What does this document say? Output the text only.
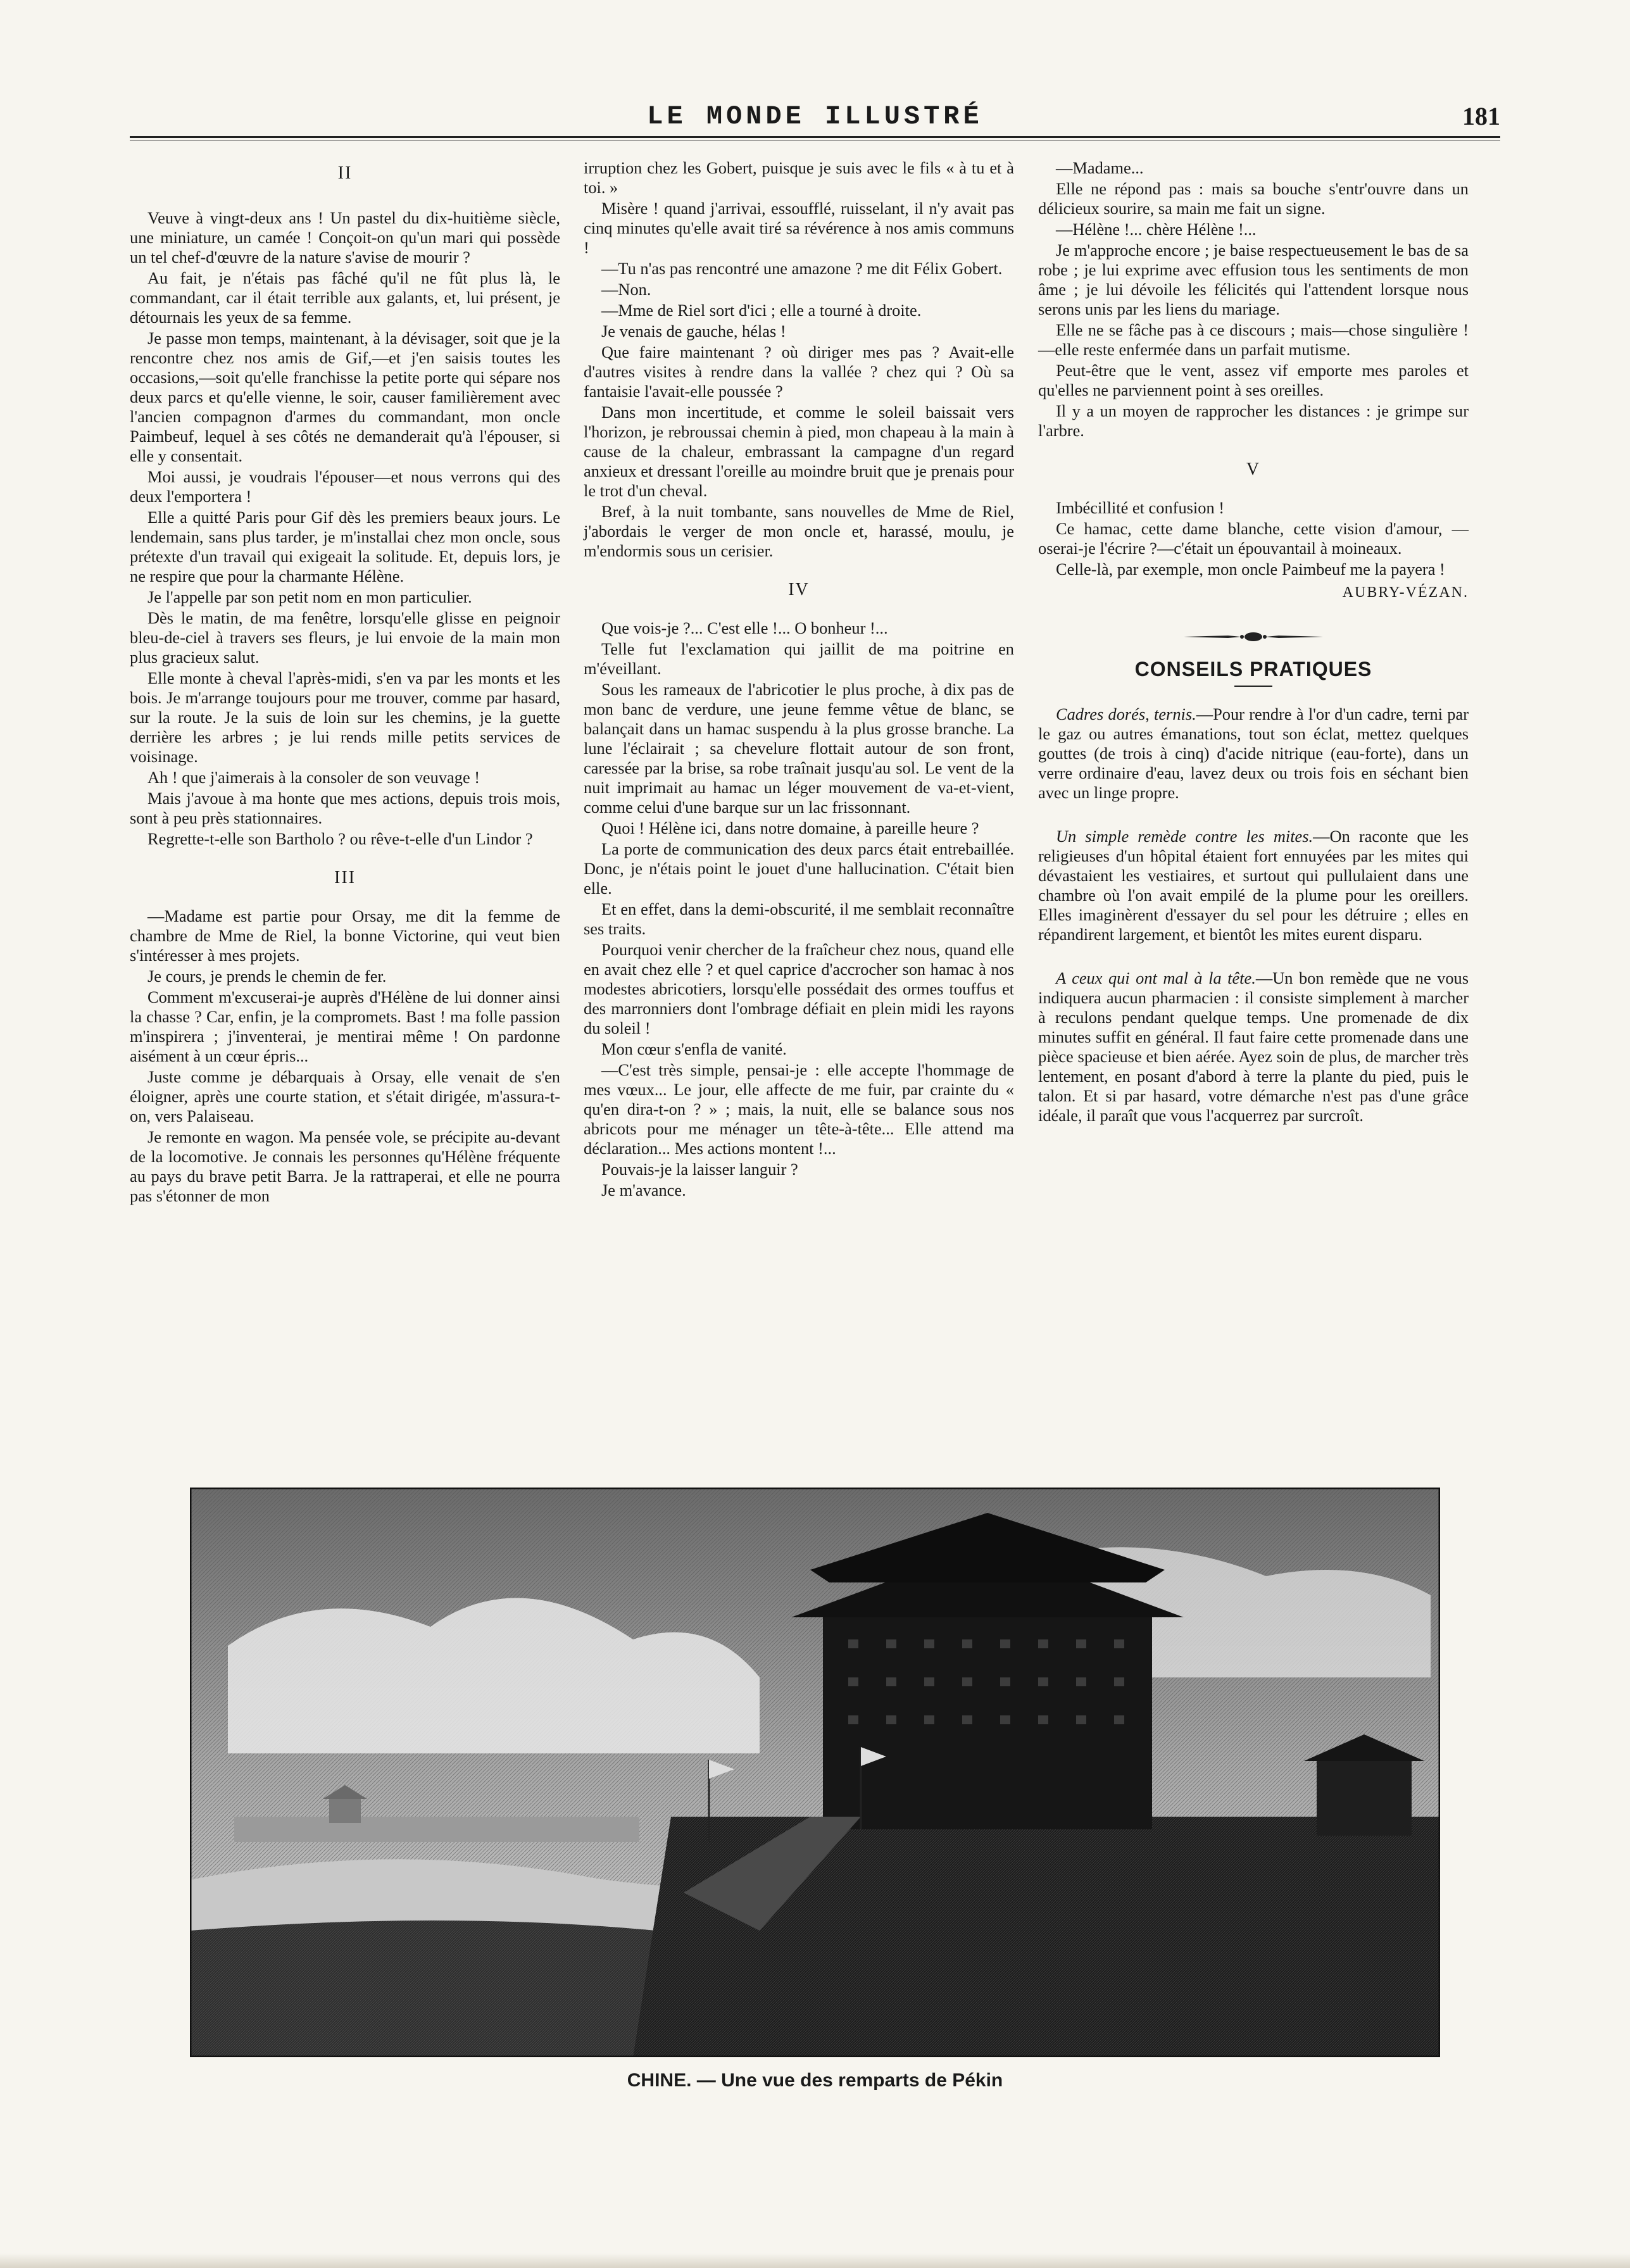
LE MONDE ILLUSTRÉ	181
II

Veuve à vingt-deux ans ! Un pastel du dix-huitième siècle, une miniature, un camée ! Conçoit-on qu'un mari qui possède un tel chef-d'œuvre de la nature s'avise de mourir ?

Au fait, je n'étais pas fâché qu'il ne fût plus là, le commandant, car il était terrible aux galants, et, lui présent, je détournais les yeux de sa femme.

Je passe mon temps, maintenant, à la dévisager, soit que je la rencontre chez nos amis de Gif,—et j'en saisis toutes les occasions,—soit qu'elle franchisse la petite porte qui sépare nos deux parcs et qu'elle vienne, le soir, causer familièrement avec l'ancien compagnon d'armes du commandant, mon oncle Paimbeuf, lequel à ses côtés ne demanderait qu'à l'épouser, si elle y consentait.

Moi aussi, je voudrais l'épouser—et nous verrons qui des deux l'emportera !

Elle a quitté Paris pour Gif dès les premiers beaux jours. Le lendemain, sans plus tarder, je m'installai chez mon oncle, sous prétexte d'un travail qui exigeait la solitude. Et, depuis lors, je ne respire que pour la charmante Hélène.

Je l'appelle par son petit nom en mon particulier.

Dès le matin, de ma fenêtre, lorsqu'elle glisse en peignoir bleu-de-ciel à travers ses fleurs, je lui envoie de la main mon plus gracieux salut.

Elle monte à cheval l'après-midi, s'en va par les monts et les bois. Je m'arrange toujours pour me trouver, comme par hasard, sur la route. Je la suis de loin sur les chemins, je la guette derrière les arbres ; je lui rends mille petits services de voisinage.

Ah ! que j'aimerais à la consoler de son veuvage !

Mais j'avoue à ma honte que mes actions, depuis trois mois, sont à peu près stationnaires.

Regrette-t-elle son Bartholo ? ou rêve-t-elle d'un Lindor ?

III

—Madame est partie pour Orsay, me dit la femme de chambre de Mme de Riel, la bonne Victorine, qui veut bien s'intéresser à mes projets.

Je cours, je prends le chemin de fer.

Comment m'excuserai-je auprès d'Hélène de lui donner ainsi la chasse ? Car, enfin, je la compromets. Bast ! ma folle passion m'inspirera ; j'inventerai, je mentirai même ! On pardonne aisément à un cœur épris...

Juste comme je débarquais à Orsay, elle venait de s'en éloigner, après une courte station, et s'était dirigée, m'assura-t-on, vers Palaiseau.

Je remonte en wagon. Ma pensée vole, se précipite au-devant de la locomotive. Je connais les personnes qu'Hélène fréquente au pays du brave petit Barra. Je la rattraperai, et elle ne pourra pas s'étonner de mon

irruption chez les Gobert, puisque je suis avec le fils « à tu et à toi. »

Misère ! quand j'arrivai, essoufflé, ruisselant, il n'y avait pas cinq minutes qu'elle avait tiré sa révérence à nos amis communs !

—Tu n'as pas rencontré une amazone ? me dit Félix Gobert.

—Non.

—Mme de Riel sort d'ici ; elle a tourné à droite.

Je venais de gauche, hélas !

Que faire maintenant ? où diriger mes pas ? Avait-elle d'autres visites à rendre dans la vallée ? chez qui ? Où sa fantaisie l'avait-elle poussée ?

Dans mon incertitude, et comme le soleil baissait vers l'horizon, je rebroussai chemin à pied, mon chapeau à la main à cause de la chaleur, embrassant la campagne d'un regard anxieux et dressant l'oreille au moindre bruit que je prenais pour le trot d'un cheval.

Bref, à la nuit tombante, sans nouvelles de Mme de Riel, j'abordais le verger de mon oncle et, harassé, moulu, je m'endormis sous un cerisier.

IV

Que vois-je ?... C'est elle !... O bonheur !...

Telle fut l'exclamation qui jaillit de ma poitrine en m'éveillant.

Sous les rameaux de l'abricotier le plus proche, à dix pas de mon banc de verdure, une jeune femme vêtue de blanc, se balançait dans un hamac suspendu à la plus grosse branche. La lune l'éclairait ; sa chevelure flottait autour de son front, caressée par la brise, sa robe traînait jusqu'au sol. Le vent de la nuit imprimait au hamac un léger mouvement de va-et-vient, comme celui d'une barque sur un lac frissonnant.

Quoi ! Hélène ici, dans notre domaine, à pareille heure ?

La porte de communication des deux parcs était entrebaillée. Donc, je n'étais point le jouet d'une hallucination. C'était bien elle.

Et en effet, dans la demi-obscurité, il me semblait reconnaître ses traits.

Pourquoi venir chercher de la fraîcheur chez nous, quand elle en avait chez elle ? et quel caprice d'accrocher son hamac à nos modestes abricotiers, lorsqu'elle possédait des ormes touffus et des marronniers dont l'ombrage défiait en plein midi les rayons du soleil !

Mon cœur s'enfla de vanité.

—C'est très simple, pensai-je : elle accepte l'hommage de mes vœux... Le jour, elle affecte de me fuir, par crainte du « qu'en dira-t-on ? » ; mais, la nuit, elle se balance sous nos abricots pour me ménager un tête-à-tête... Elle attend ma déclaration... Mes actions montent !...

Pouvais-je la laisser languir ?

Je m'avance.

—Madame...

Elle ne répond pas : mais sa bouche s'entr'ouvre dans un délicieux sourire, sa main me fait un signe.

—Hélène !... chère Hélène !...

Je m'approche encore ; je baise respectueusement le bas de sa robe ; je lui exprime avec effusion tous les sentiments de mon âme ; je lui dévoile les félicités qui l'attendent lorsque nous serons unis par les liens du mariage.

Elle ne se fâche pas à ce discours ; mais—chose singulière !—elle reste enfermée dans un parfait mutisme.

Peut-être que le vent, assez vif emporte mes paroles et qu'elles ne parviennent point à ses oreilles.

Il y a un moyen de rapprocher les distances : je grimpe sur l'arbre.

V

Imbécillité et confusion !

Ce hamac, cette dame blanche, cette vision d'amour, —oserai-je l'écrire ?—c'était un épouvantail à moineaux.

Celle-là, par exemple, mon oncle Paimbeuf me la payera !

AUBRY-VÉZAN.
CONSEILS PRATIQUES

Cadres dorés, ternis.—Pour rendre à l'or d'un cadre, terni par le gaz ou autres émanations, tout son éclat, mettez quelques gouttes (de trois à cinq) d'acide nitrique (eau-forte), dans un verre ordinaire d'eau, lavez deux ou trois fois en séchant bien avec un linge propre.

Un simple remède contre les mites.—On raconte que les religieuses d'un hôpital étaient fort ennuyées par les mites qui dévastaient les vestiaires, et surtout qui pullulaient dans une chambre où l'on avait empilé de la plume pour les oreillers. Elles imaginèrent d'essayer du sel pour les détruire ; elles en répandirent largement, et bientôt les mites eurent disparu.

A ceux qui ont mal à la tête.—Un bon remède que ne vous indiquera aucun pharmacien : il consiste simplement à marcher à reculons pendant quelque temps. Une promenade de dix minutes suffit en général. Il faut faire cette promenade dans une pièce spacieuse et bien aérée. Ayez soin de plus, de marcher très lentement, en posant d'abord à terre la plante du pied, puis le talon. Et si par hasard, votre démarche n'est pas d'une grâce idéale, il paraît que vous l'acquerrez par surcroît.

CHINE. — Une vue des remparts de Pékin
